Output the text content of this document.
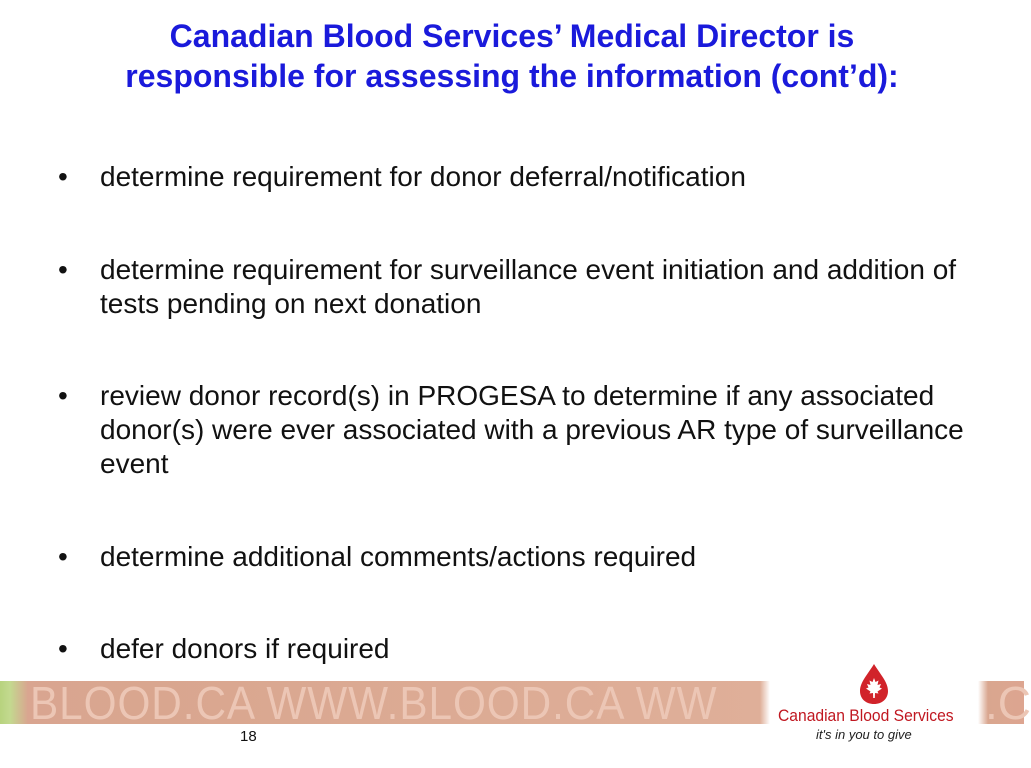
Canadian Blood Services’ Medical Director is
responsible for assessing the information (cont’d):
• determine requirement for donor deferral/notification
• determine requirement for surveillance event initiation and addition of tests pending on next donation
• review donor record(s) in PROGESA to determine if any associated donor(s) were ever associated with a previous AR type of surveillance event
• determine additional comments/actions required
• defer donors if required
BLOOD.CA WWW.BLOOD.CA WW	.C
Canadian Blood Services
it's in you to give
18
